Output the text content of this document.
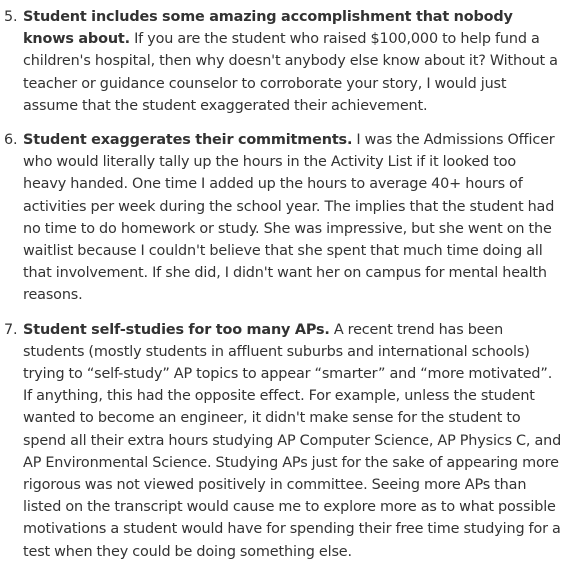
5. Student includes some amazing accomplishment that nobody knows about. If you are the student who raised $100,000 to help fund a children's hospital, then why doesn't anybody else know about it? Without a teacher or guidance counselor to corroborate your story, I would just assume that the student exaggerated their achievement.
6. Student exaggerates their commitments. I was the Admissions Officer who would literally tally up the hours in the Activity List if it looked too heavy handed. One time I added up the hours to average 40+ hours of activities per week during the school year. The implies that the student had no time to do homework or study. She was impressive, but she went on the waitlist because I couldn't believe that she spent that much time doing all that involvement. If she did, I didn't want her on campus for mental health reasons.
7. Student self-studies for too many APs. A recent trend has been students (mostly students in affluent suburbs and international schools) trying to “self-study” AP topics to appear “smarter” and “more motivated”. If anything, this had the opposite effect. For example, unless the student wanted to become an engineer, it didn't make sense for the student to spend all their extra hours studying AP Computer Science, AP Physics C, and AP Environmental Science. Studying APs just for the sake of appearing more rigorous was not viewed positively in committee. Seeing more APs than listed on the transcript would cause me to explore more as to what possible motivations a student would have for spending their free time studying for a test when they could be doing something else.
